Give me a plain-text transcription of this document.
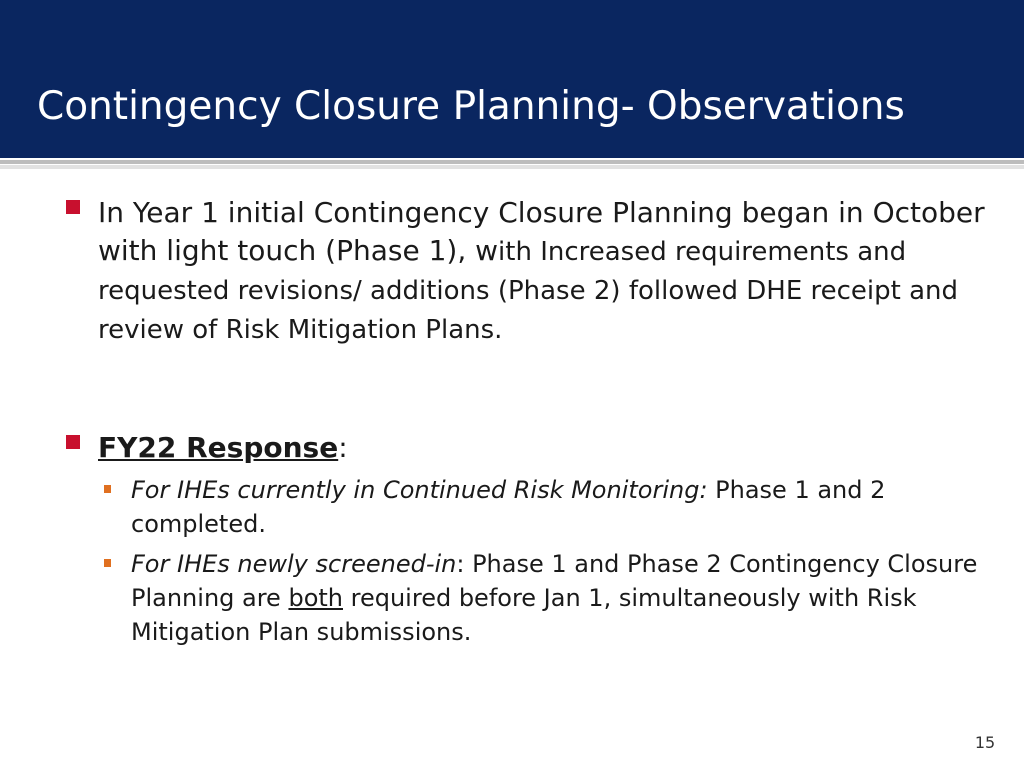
Contingency Closure Planning- Observations
In Year 1 initial Contingency Closure Planning began in October with light touch (Phase 1), with Increased requirements and requested revisions/ additions (Phase 2) followed DHE receipt and review of Risk Mitigation Plans.
FY22 Response:
For IHEs currently in Continued Risk Monitoring: Phase 1 and 2 completed.
For IHEs newly screened-in: Phase 1 and Phase 2 Contingency Closure Planning are both required before Jan 1, simultaneously with Risk Mitigation Plan submissions.
15
